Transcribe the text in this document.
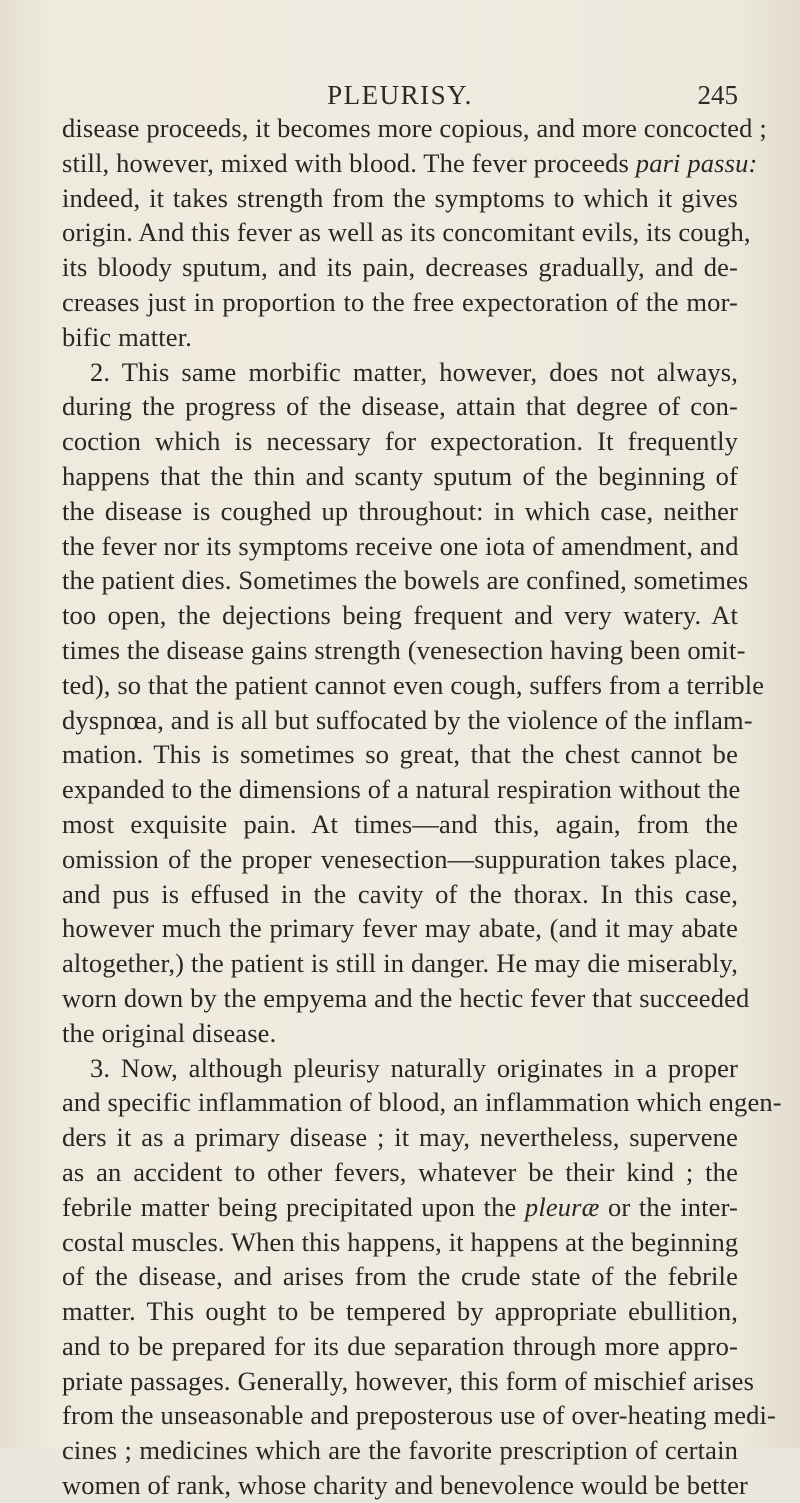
PLEURISY.	245
disease proceeds, it becomes more copious, and more concocted ;
still, however, mixed with blood. The fever proceeds pari passu:
indeed, it takes strength from the symptoms to which it gives
origin. And this fever as well as its concomitant evils, its cough,
its bloody sputum, and its pain, decreases gradually, and de-
creases just in proportion to the free expectoration of the mor-
bific matter.
2. This same morbific matter, however, does not always,
during the progress of the disease, attain that degree of con-
coction which is necessary for expectoration. It frequently
happens that the thin and scanty sputum of the beginning of
the disease is coughed up throughout: in which case, neither
the fever nor its symptoms receive one iota of amendment, and
the patient dies. Sometimes the bowels are confined, sometimes
too open, the dejections being frequent and very watery. At
times the disease gains strength (venesection having been omit-
ted), so that the patient cannot even cough, suffers from a terrible
dyspnœa, and is all but suffocated by the violence of the inflam-
mation. This is sometimes so great, that the chest cannot be
expanded to the dimensions of a natural respiration without the
most exquisite pain. At times—and this, again, from the
omission of the proper venesection—suppuration takes place,
and pus is effused in the cavity of the thorax. In this case,
however much the primary fever may abate, (and it may abate
altogether,) the patient is still in danger. He may die miserably,
worn down by the empyema and the hectic fever that succeeded
the original disease.
3. Now, although pleurisy naturally originates in a proper
and specific inflammation of blood, an inflammation which engen-
ders it as a primary disease ; it may, nevertheless, supervene
as an accident to other fevers, whatever be their kind ; the
febrile matter being precipitated upon the pleuræ or the inter-
costal muscles. When this happens, it happens at the beginning
of the disease, and arises from the crude state of the febrile
matter. This ought to be tempered by appropriate ebullition,
and to be prepared for its due separation through more appro-
priate passages. Generally, however, this form of mischief arises
from the unseasonable and preposterous use of over-heating medi-
cines ; medicines which are the favorite prescription of certain
women of rank, whose charity and benevolence would be better
